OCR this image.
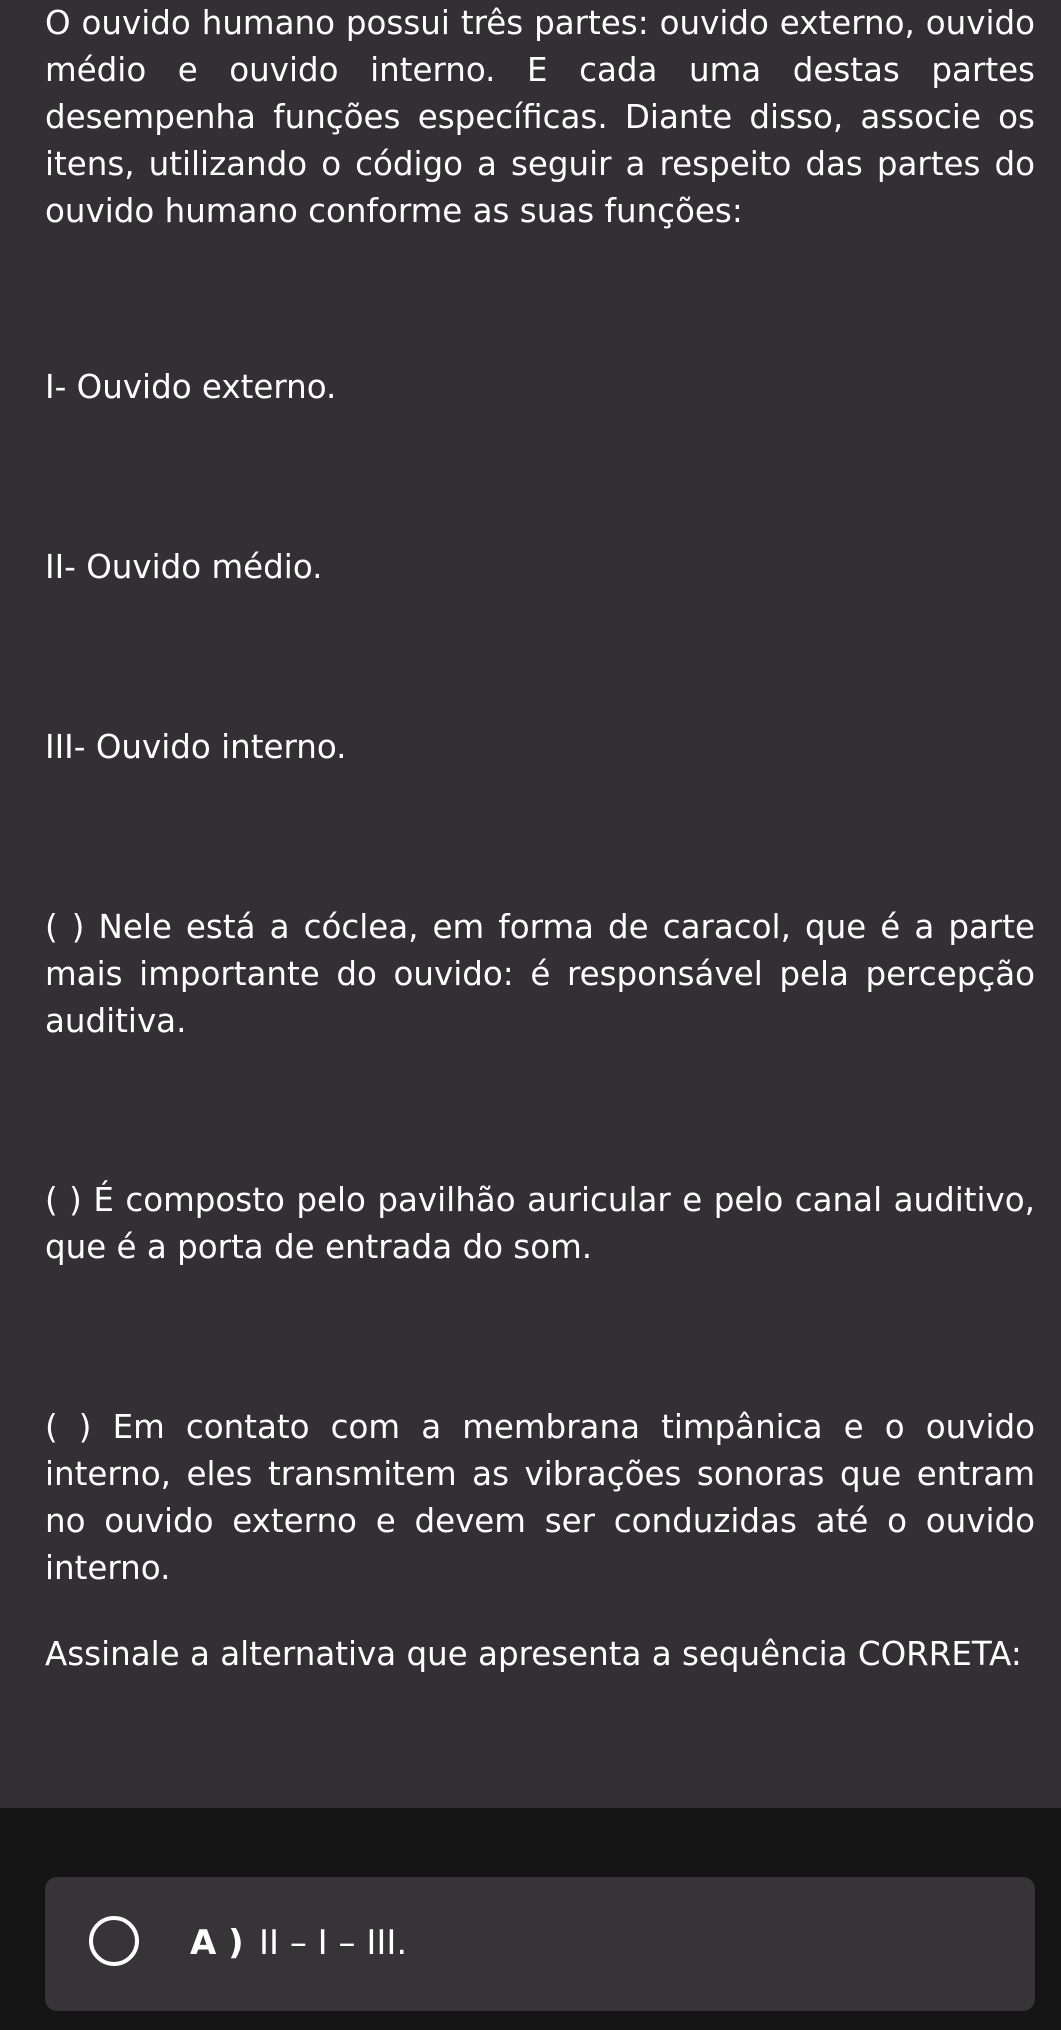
O ouvido humano possui três partes: ouvido externo, ouvido médio e ouvido interno. E cada uma destas partes desempenha funções específicas. Diante disso, associe os itens, utilizando o código a seguir a respeito das partes do ouvido humano conforme as suas funções:

I- Ouvido externo.

II- Ouvido médio.

III- Ouvido interno.

( ) Nele está a cóclea, em forma de caracol, que é a parte mais importante do ouvido: é responsável pela percepção auditiva.

( ) É composto pelo pavilhão auricular e pelo canal auditivo, que é a porta de entrada do som.

( ) Em contato com a membrana timpânica e o ouvido interno, eles transmitem as vibrações sonoras que entram no ouvido externo e devem ser conduzidas até o ouvido interno.

Assinale a alternativa que apresenta a sequência CORRETA:

A ) II – I – III.
